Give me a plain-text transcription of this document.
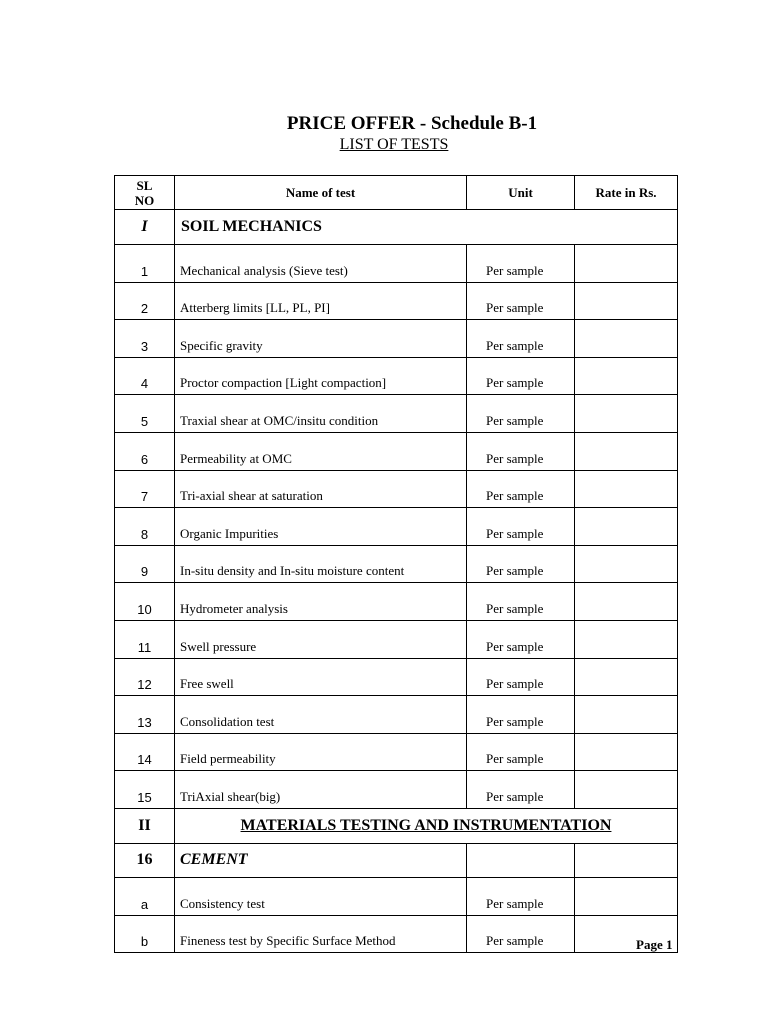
PRICE OFFER - Schedule B-1
LIST OF TESTS
SL NO	Name of test	Unit	Rate in Rs.
I	SOIL MECHANICS		
1	Mechanical analysis (Sieve test)	Per sample	
2	Atterberg limits [LL, PL, PI]	Per sample	
3	Specific gravity	Per sample	
4	Proctor compaction [Light compaction]	Per sample	
5	Traxial shear at OMC/insitu condition	Per sample	
6	Permeability at OMC	Per sample	
7	Tri-axial shear at saturation	Per sample	
8	Organic Impurities	Per sample	
9	In-situ density and In-situ moisture content	Per sample	
10	Hydrometer analysis	Per sample	
11	Swell pressure	Per sample	
12	Free swell	Per sample	
13	Consolidation test	Per sample	
14	Field permeability	Per sample	
15	TriAxial shear(big)	Per sample	
II	MATERIALS TESTING AND INSTRUMENTATION		
16	CEMENT		
a	Consistency test	Per sample	
b	Fineness test by Specific Surface Method	Per sample		Page 1
